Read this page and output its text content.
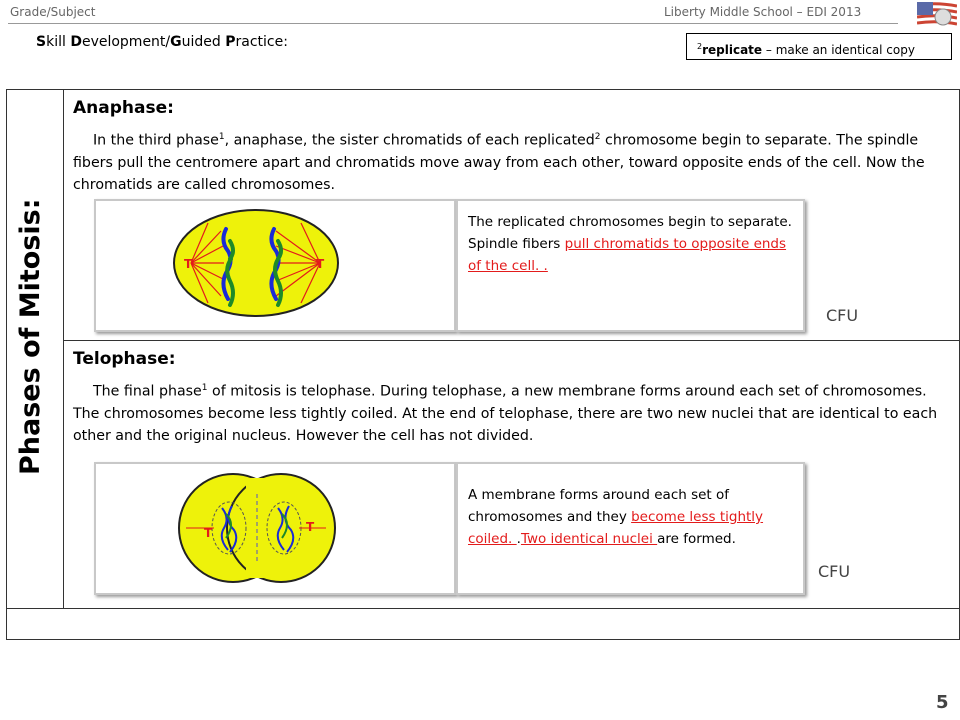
Grade/Subject	Liberty Middle School – EDI 2013
Skill Development/Guided Practice:	$^2$replicate – make an identical copy
Phases of Mitosis:
Anaphase:
In the third phase$^1$, anaphase, the sister chromatids of each replicated$^2$ chromosome begin to separate. The spindle fibers pull the centromere apart and chromatids move away from each other, toward opposite ends of the cell. Now the chromatids are called chromosomes.
T	T
The replicated chromosomes begin to separate. Spindle fibers pull chromatids to opposite ends of the cell. .
CFU
Telophase:
The final phase$^1$ of mitosis is telophase. During telophase, a new membrane forms around each set of chromosomes. The chromosomes become less tightly coiled. At the end of telophase, there are two new nuclei that are identical to each other and the original nucleus. However the cell has not divided.
T	T
A membrane forms around each set of chromosomes and they become less tightly coiled. .Two identical nuclei are formed.
CFU
5
